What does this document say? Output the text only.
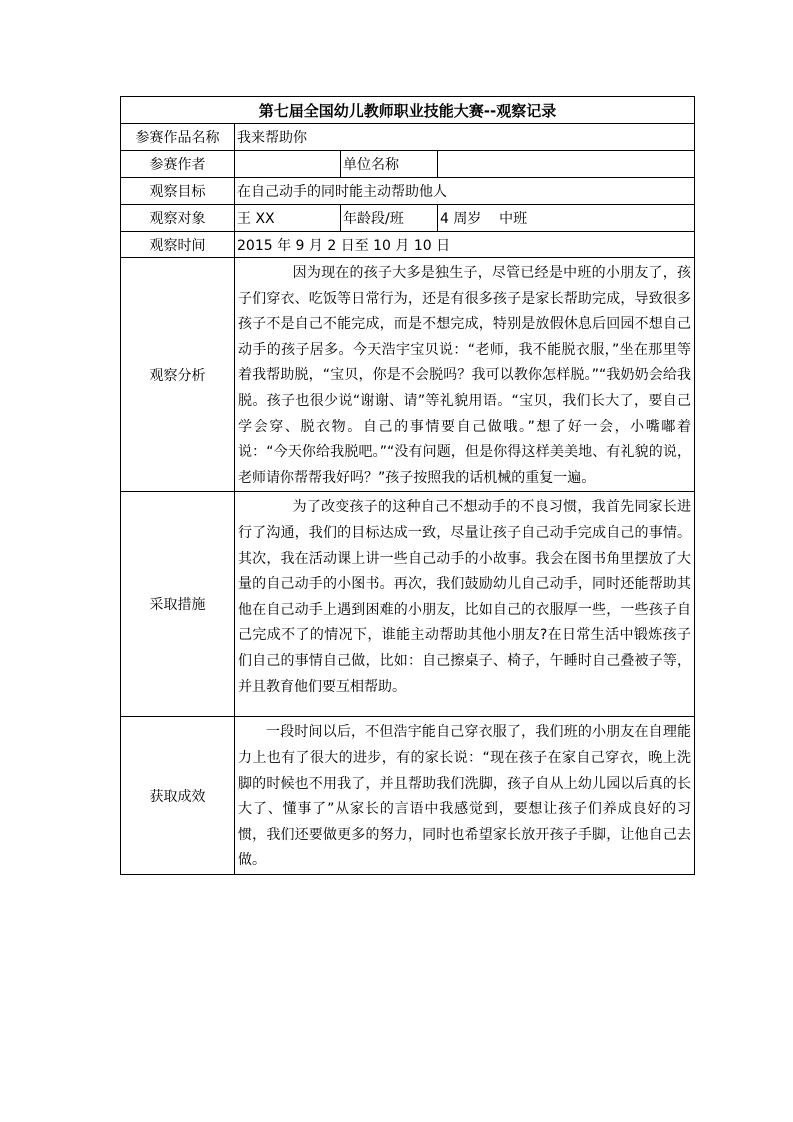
第七届全国幼儿教师职业技能大赛--观察记录			
参赛作品名称	我来帮助你		
参赛作者		单位名称	
观察目标	在自己动手的同时能主动帮助他人		
观察对象	王 XX	年龄段/班	4 周岁    中班
观察时间	2015 年 9 月 2 日至 10 月 10 日		
观察分析	因为现在的孩子大多是独生子，尽管已经是中班的小朋友了，孩子们穿衣、吃饭等日常行为，还是有很多孩子是家长帮助完成，导致很多孩子不是自己不能完成，而是不想完成，特别是放假休息后回园不想自己动手的孩子居多。今天浩宇宝贝说：“老师，我不能脱衣服，”坐在那里等着我帮助脱，“宝贝，你是不会脱吗？我可以教你怎样脱。”“我奶奶会给我脱。孩子也很少说“谢谢、请”等礼貌用语。“宝贝，我们长大了，要自己学会穿、脱衣物。自己的事情要自己做哦。”想了好一会，小嘴嘟着说：“今天你给我脱吧。”“没有问题，但是你得这样美美地、有礼貌的说，老师请你帮帮我好吗？”孩子按照我的话机械的重复一遍。		

采取措施	为了改变孩子的这种自己不想动手的不良习惯，我首先同家长进行了沟通，我们的目标达成一致，尽量让孩子自己动手完成自己的事情。其次，我在活动课上讲一些自己动手的小故事。我会在图书角里摆放了大量的自己动手的小图书。再次，我们鼓励幼儿自己动手，同时还能帮助其他在自己动手上遇到困难的小朋友，比如自己的衣服厚一些，一些孩子自己完成不了的情况下，谁能主动帮助其他小朋友?在日常生活中锻炼孩子们自己的事情自己做，比如：自己擦桌子、椅子，午睡时自己叠被子等，并且教育他们要互相帮助。		

获取成效	一段时间以后，不但浩宇能自己穿衣服了，我们班的小朋友在自理能力上也有了很大的进步，有的家长说：“现在孩子在家自己穿衣，晚上洗脚的时候也不用我了，并且帮助我们洗脚，孩子自从上幼儿园以后真的长大了、懂事了”从家长的言语中我感觉到，要想让孩子们养成良好的习惯，我们还要做更多的努力，同时也希望家长放开孩子手脚，让他自己去做。		
